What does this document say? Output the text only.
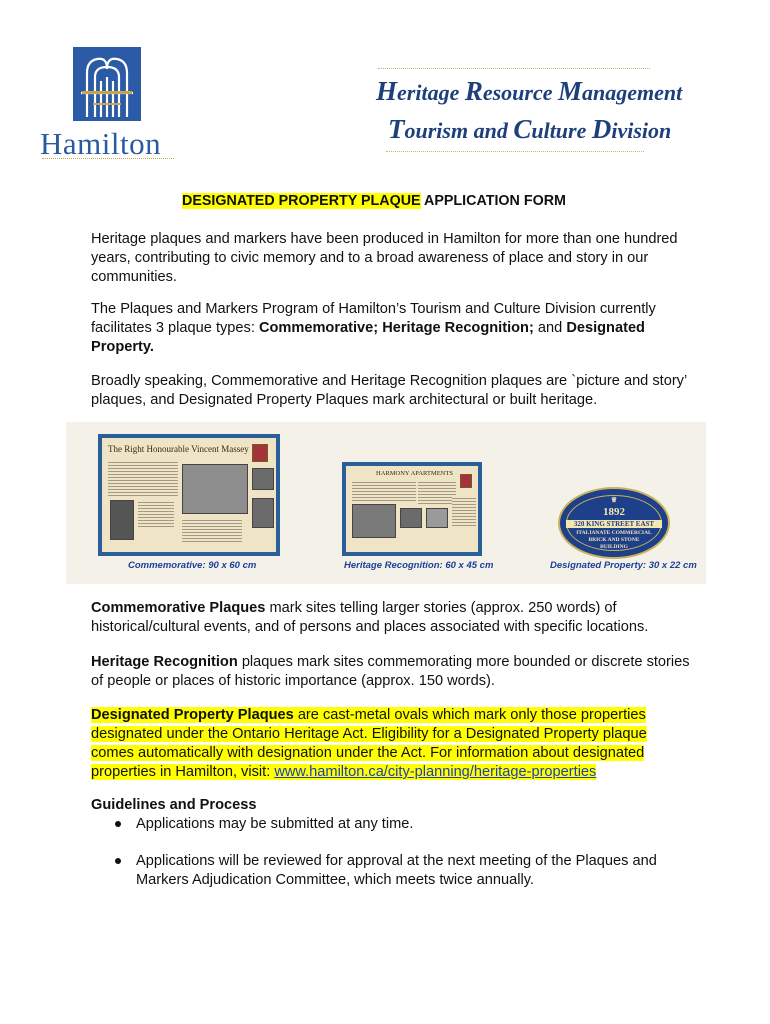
Hamilton
Heritage Resource Management
Tourism and Culture Division
DESIGNATED PROPERTY PLAQUE APPLICATION FORM

Heritage plaques and markers have been produced in Hamilton for more than one hundred years, contributing to civic memory and to a broad awareness of place and story in our communities.

The Plaques and Markers Program of Hamilton’s Tourism and Culture Division currently facilitates 3 plaque types: Commemorative; Heritage Recognition; and Designated Property.

Broadly speaking, Commemorative and Heritage Recognition plaques are `picture and story’ plaques, and Designated Property Plaques mark architectural or built heritage.

The Right Honourable Vincent Massey
Commemorative: 90 x 60 cm
HARMONY APARTMENTS
Heritage Recognition: 60 x 45 cm	Designated Property: 30 x 22 cm
♕
1892
320 KING STREET EAST
ITALIANATE COMMERCIAL
BRICK AND STONE
BUILDING

Commemorative Plaques mark sites telling larger stories (approx. 250 words) of historical/cultural events, and of persons and places associated with specific locations.

Heritage Recognition plaques mark sites commemorating more bounded or discrete stories of people or places of historic importance (approx. 150 words).

Designated Property Plaques are cast-metal ovals which mark only those properties designated under the Ontario Heritage Act. Eligibility for a Designated Property plaque comes automatically with designation under the Act. For information about designated properties in Hamilton, visit: www.hamilton.ca/city-planning/heritage-properties

Guidelines and Process

Applications may be submitted at any time.

Applications will be reviewed for approval at the next meeting of the Plaques and Markers Adjudication Committee, which meets twice annually.
